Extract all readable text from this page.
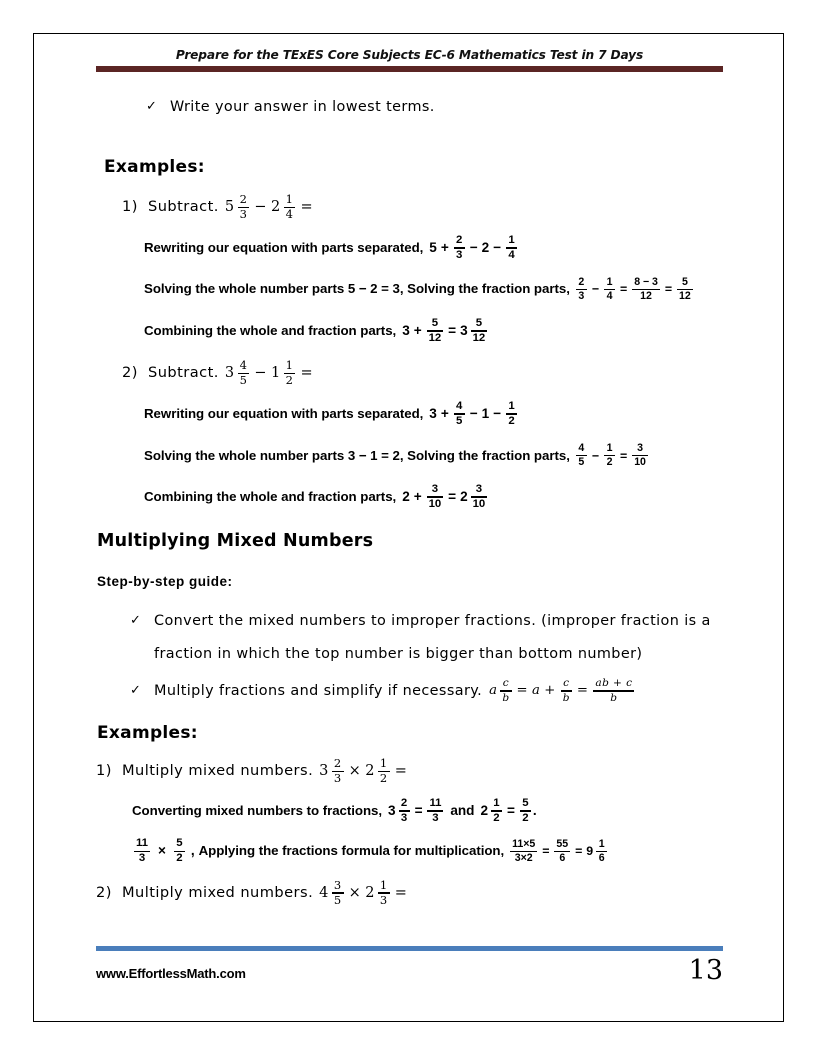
Prepare for the TExES Core Subjects EC-6 Mathematics Test in 7 Days
✓ Write your answer in lowest terms.
Examples:
1) Subtract. $5 \frac{2}{3} - 2 \frac{1}{4}$ =
Rewriting our equation with parts separated, $5 + \frac{2}{3} - 2 - \frac{1}{4}$
Solving the whole number parts 5 − 2 = 3, Solving the fraction parts, $\frac{2}{3} - \frac{1}{4} = \frac{8 - 3}{12} = \frac{5}{12}$
Combining the whole and fraction parts, $3 + \frac{5}{12} = 3 \frac{5}{12}$
2) Subtract. $3 \frac{4}{5} - 1 \frac{1}{2}$ =
Rewriting our equation with parts separated, $3 + \frac{4}{5} - 1 - \frac{1}{2}$
Solving the whole number parts 3 − 1 = 2, Solving the fraction parts, $\frac{4}{5} - \frac{1}{2} = \frac{3}{10}$
Combining the whole and fraction parts, $2 + \frac{3}{10} = 2 \frac{3}{10}$
Multiplying Mixed Numbers
Step-by-step guide:
✓ Convert the mixed numbers to improper fractions. (improper fraction is a
fraction in which the top number is bigger than bottom number)
✓ Multiply fractions and simplify if necessary. a $\frac{c}{b} = a + \frac{c}{b} = \frac{ab + c}{b}$
Examples:
1) Multiply mixed numbers. $3 \frac{2}{3} \times 2 \frac{1}{2}$ =
Converting mixed numbers to fractions, $3 \frac{2}{3} = \frac{11}{3}$ and $2 \frac{1}{2} = \frac{5}{2}$ .
$\frac{11}{3} \times \frac{5}{2}$ , Applying the fractions formula for multiplication, $\frac{11\times 5}{3\times 2} = \frac{55}{6} = 9 \frac{1}{6}$
2) Multiply mixed numbers. $4 \frac{3}{5} \times 2 \frac{1}{3}$ =
www.EffortlessMath.com	13
